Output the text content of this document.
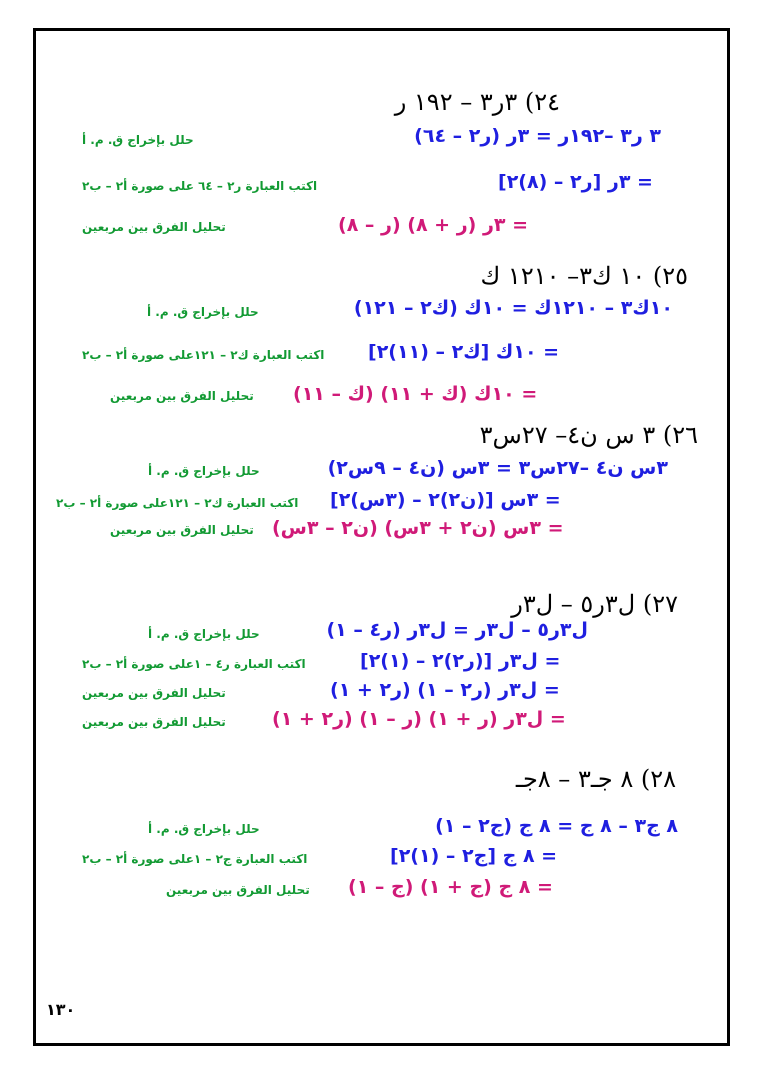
٢٤) ٣ر٣ – ١٩٢ ر
٣ ر٣ –١٩٢ر = ٣ر (ر٢ – ٦٤)
حلل بإخراج ق. م. أ
= ٣ر [ر٢ – (٨)٢]
اكتب العبارة ر٢ – ٦٤ على صورة أ٢ – ب٢
= ٣ر (ر + ٨) (ر – ٨)
تحليل الفرق بين مربعين
٢٥) ١٠ ك٣– ١٢١٠ ك
١٠ك٣ – ١٢١٠ك = ١٠ك (ك٢ – ١٢١)
حلل بإخراج ق. م. أ
= ١٠ك [ك٢ – (١١)٢]
اكتب العبارة ك٢ – ١٢١على صورة أ٢ – ب٢
= ١٠ك (ك + ١١) (ك – ١١)
تحليل الفرق بين مربعين
٢٦) ٣ س ن٤– ٢٧س٣
٣س ن٤ –٢٧س٣ = ٣س (ن٤ – ٩س٢)
حلل بإخراج ق. م. أ
= ٣س [(ن٢)٢ – (٣س)٢]
اكتب العبارة ك٢ – ١٢١على صورة أ٢ – ب٢
= ٣س (ن٢ + ٣س) (ن٢ – ٣س)
تحليل الفرق بين مربعين
٢٧) ل٣ر٥ – ل٣ر
ل٣ر٥ – ل٣ر = ل٣ر (ر٤ – ١)
حلل بإخراج ق. م. أ
= ل٣ر [(ر٢)٢ – (١)٢]
اكتب العبارة ر٤ – ١على صورة أ٢ – ب٢
= ل٣ر (ر٢ – ١) (ر٢ + ١)
تحليل الفرق بين مربعين
= ل٣ر (ر + ١) (ر – ١) (ر٢ + ١)
تحليل الفرق بين مربعين
٢٨) ٨ جـ٣ – ٨جـ
٨ ج٣ – ٨ ج = ٨ ج (ج٢ – ١)
حلل بإخراج ق. م. أ
= ٨ ج [ج٢ – (١)٢]
اكتب العبارة ج٢ – ١على صورة أ٢ – ب٢
= ٨ ج (ج + ١) (ج – ١)
تحليل الفرق بين مربعين
١٣٠
